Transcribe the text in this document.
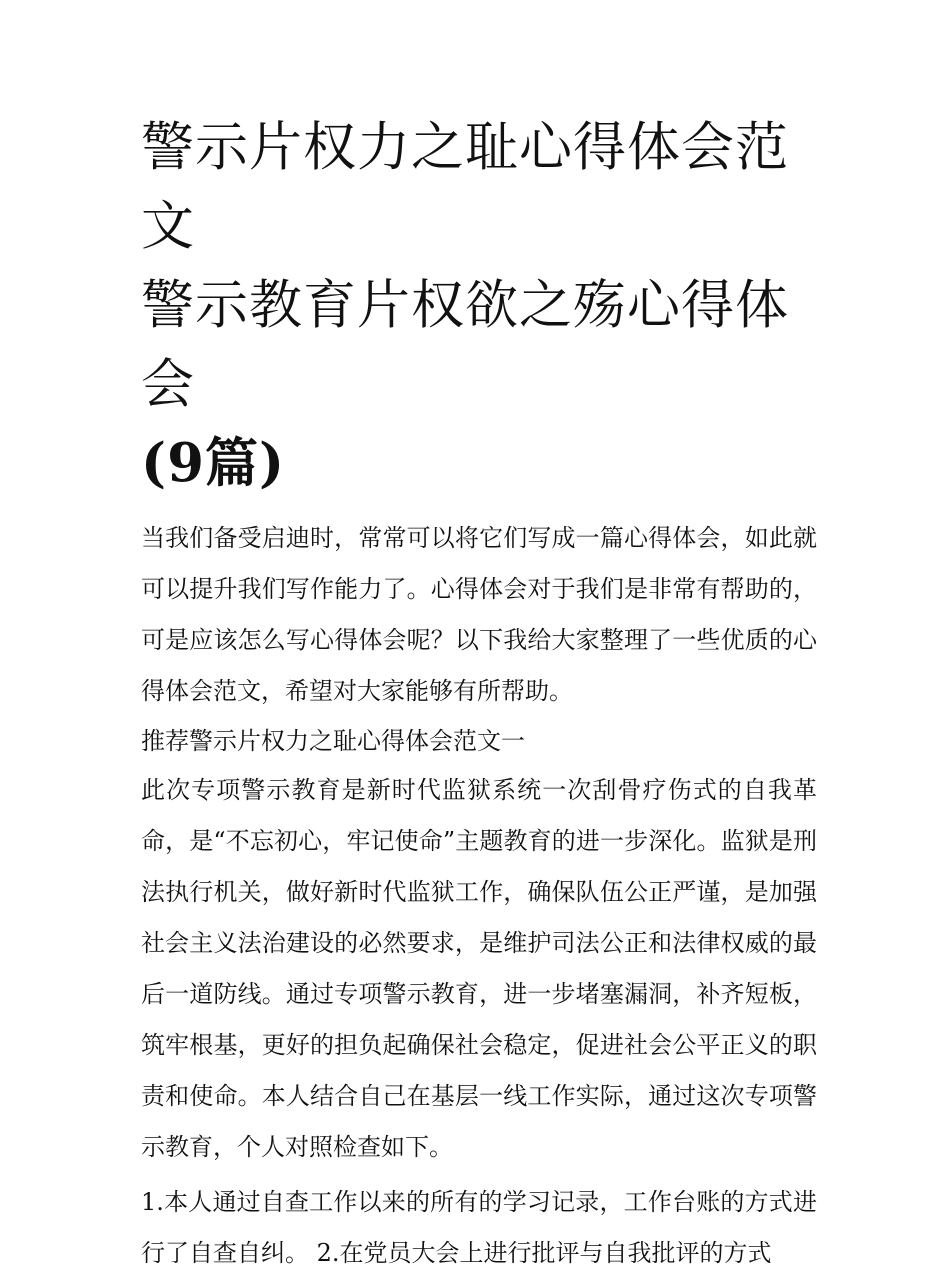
警示片权力之耻心得体会范文
警示教育片权欲之殇心得体会
(9篇)

当我们备受启迪时，常常可以将它们写成一篇心得体会，如此就可以提升我们写作能力了。心得体会对于我们是非常有帮助的，可是应该怎么写心得体会呢？以下我给大家整理了一些优质的心得体会范文，希望对大家能够有所帮助。

推荐警示片权力之耻心得体会范文一

此次专项警示教育是新时代监狱系统一次刮骨疗伤式的自我革命，是“不忘初心，牢记使命”主题教育的进一步深化。监狱是刑法执行机关，做好新时代监狱工作，确保队伍公正严谨，是加强社会主义法治建设的必然要求，是维护司法公正和法律权威的最后一道防线。通过专项警示教育，进一步堵塞漏洞，补齐短板，筑牢根基，更好的担负起确保社会稳定，促进社会公平正义的职责和使命。本人结合自己在基层一线工作实际，通过这次专项警示教育，个人对照检查如下。

1.本人通过自查工作以来的所有的学习记录，工作台账的方式进行了自查自纠。 2.在党员大会上进行批评与自我批评的方式
